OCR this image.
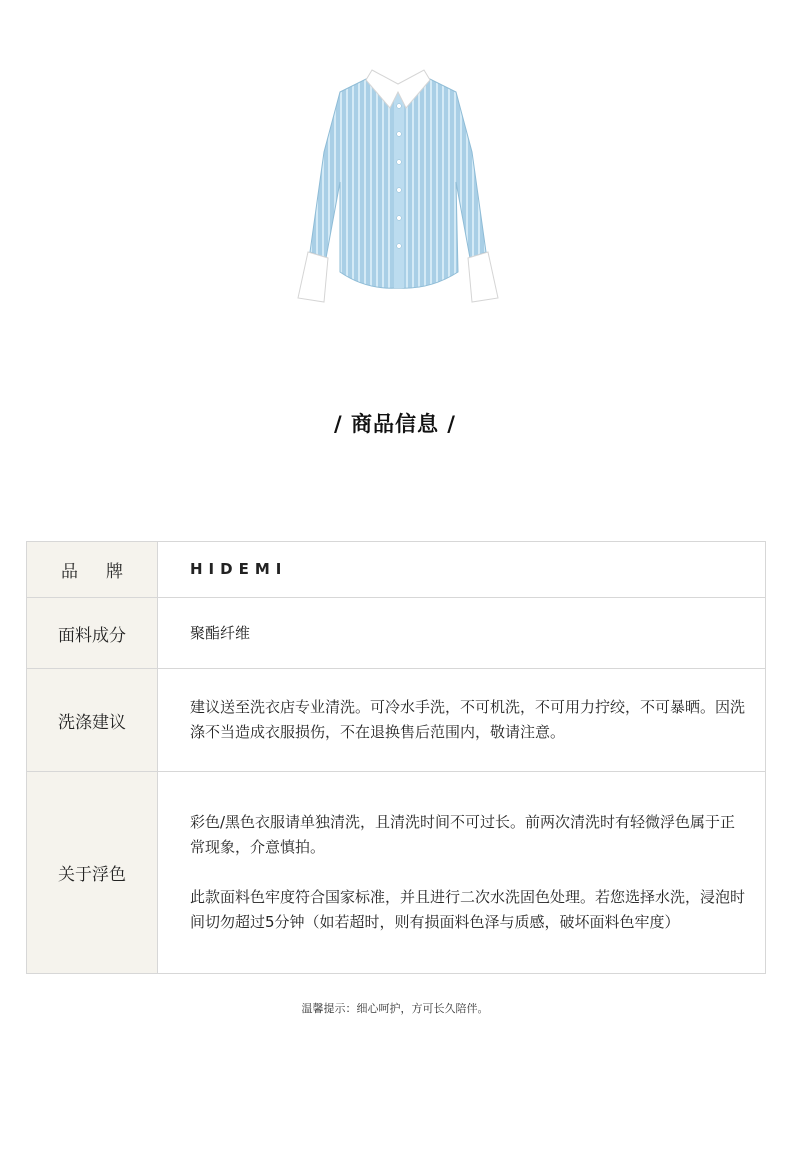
/ 商品信息 /
品牌	HIDEMI
面料成分	聚酯纤维
洗涤建议	建议送至洗衣店专业清洗。可冷水手洗，不可机洗，不可用力拧绞，不可暴晒。因洗涤不当造成衣服损伤，不在退换售后范围内，敬请注意。
关于浮色	彩色/黑色衣服请单独清洗，且清洗时间不可过长。前两次清洗时有轻微浮色属于正常现象，介意慎拍。

此款面料色牢度符合国家标准，并且进行二次水洗固色处理。若您选择水洗，浸泡时间切勿超过5分钟（如若超时，则有损面料色泽与质感，破坏面料色牢度）

温馨提示：细心呵护，方可长久陪伴。
